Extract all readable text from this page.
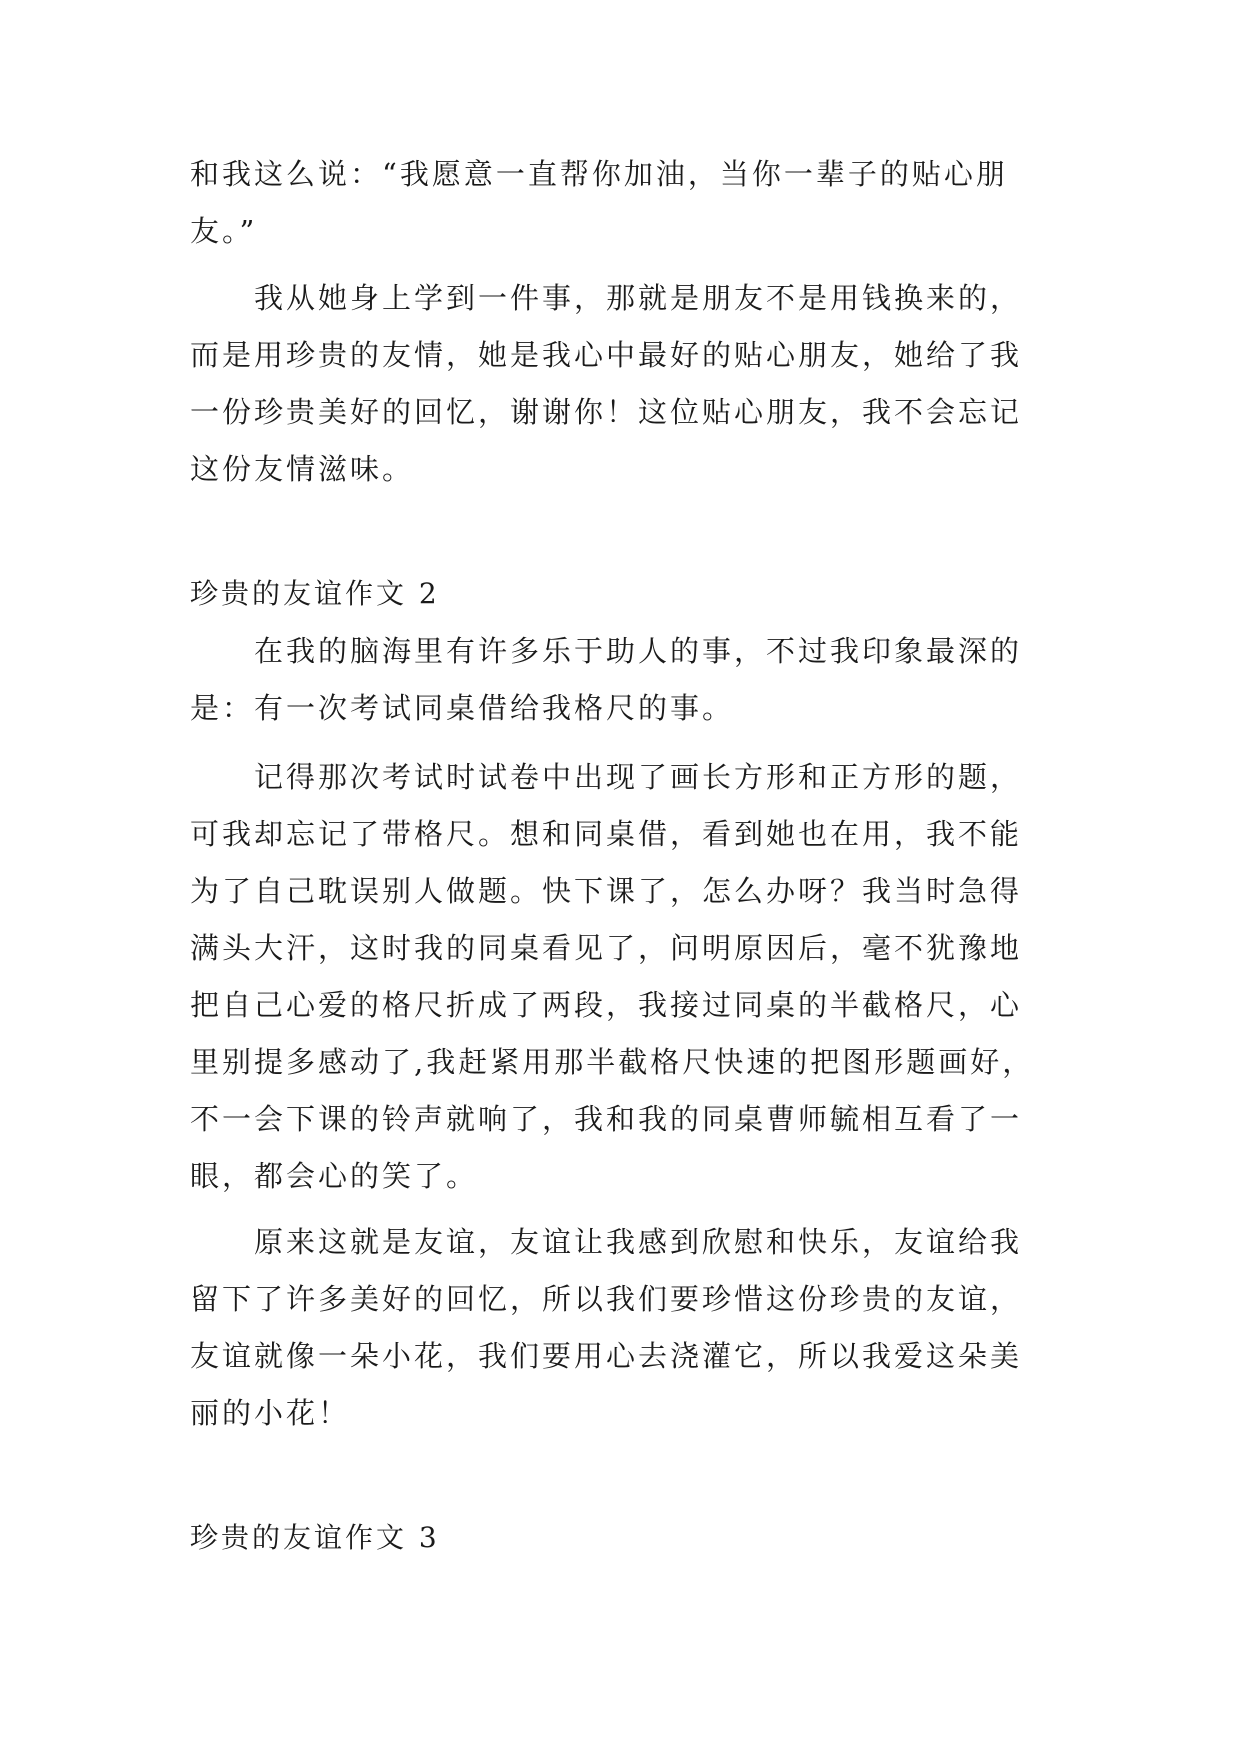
和我这么说：“我愿意一直帮你加油，当你一辈子的贴心朋
友。”
　　我从她身上学到一件事，那就是朋友不是用钱换来的，
而是用珍贵的友情，她是我心中最好的贴心朋友，她给了我
一份珍贵美好的回忆，谢谢你！这位贴心朋友，我不会忘记
这份友情滋味。
珍贵的友谊作文 2
　　在我的脑海里有许多乐于助人的事，不过我印象最深的
是：有一次考试同桌借给我格尺的事。
　　记得那次考试时试卷中出现了画长方形和正方形的题，
可我却忘记了带格尺。想和同桌借，看到她也在用，我不能
为了自己耽误别人做题。快下课了，怎么办呀？我当时急得
满头大汗，这时我的同桌看见了，问明原因后，毫不犹豫地
把自己心爱的格尺折成了两段，我接过同桌的半截格尺，心
里别提多感动了,我赶紧用那半截格尺快速的把图形题画好，
不一会下课的铃声就响了，我和我的同桌曹师毓相互看了一
眼，都会心的笑了。
　　原来这就是友谊，友谊让我感到欣慰和快乐，友谊给我
留下了许多美好的回忆，所以我们要珍惜这份珍贵的友谊，
友谊就像一朵小花，我们要用心去浇灌它，所以我爱这朵美
丽的小花！
珍贵的友谊作文 3
